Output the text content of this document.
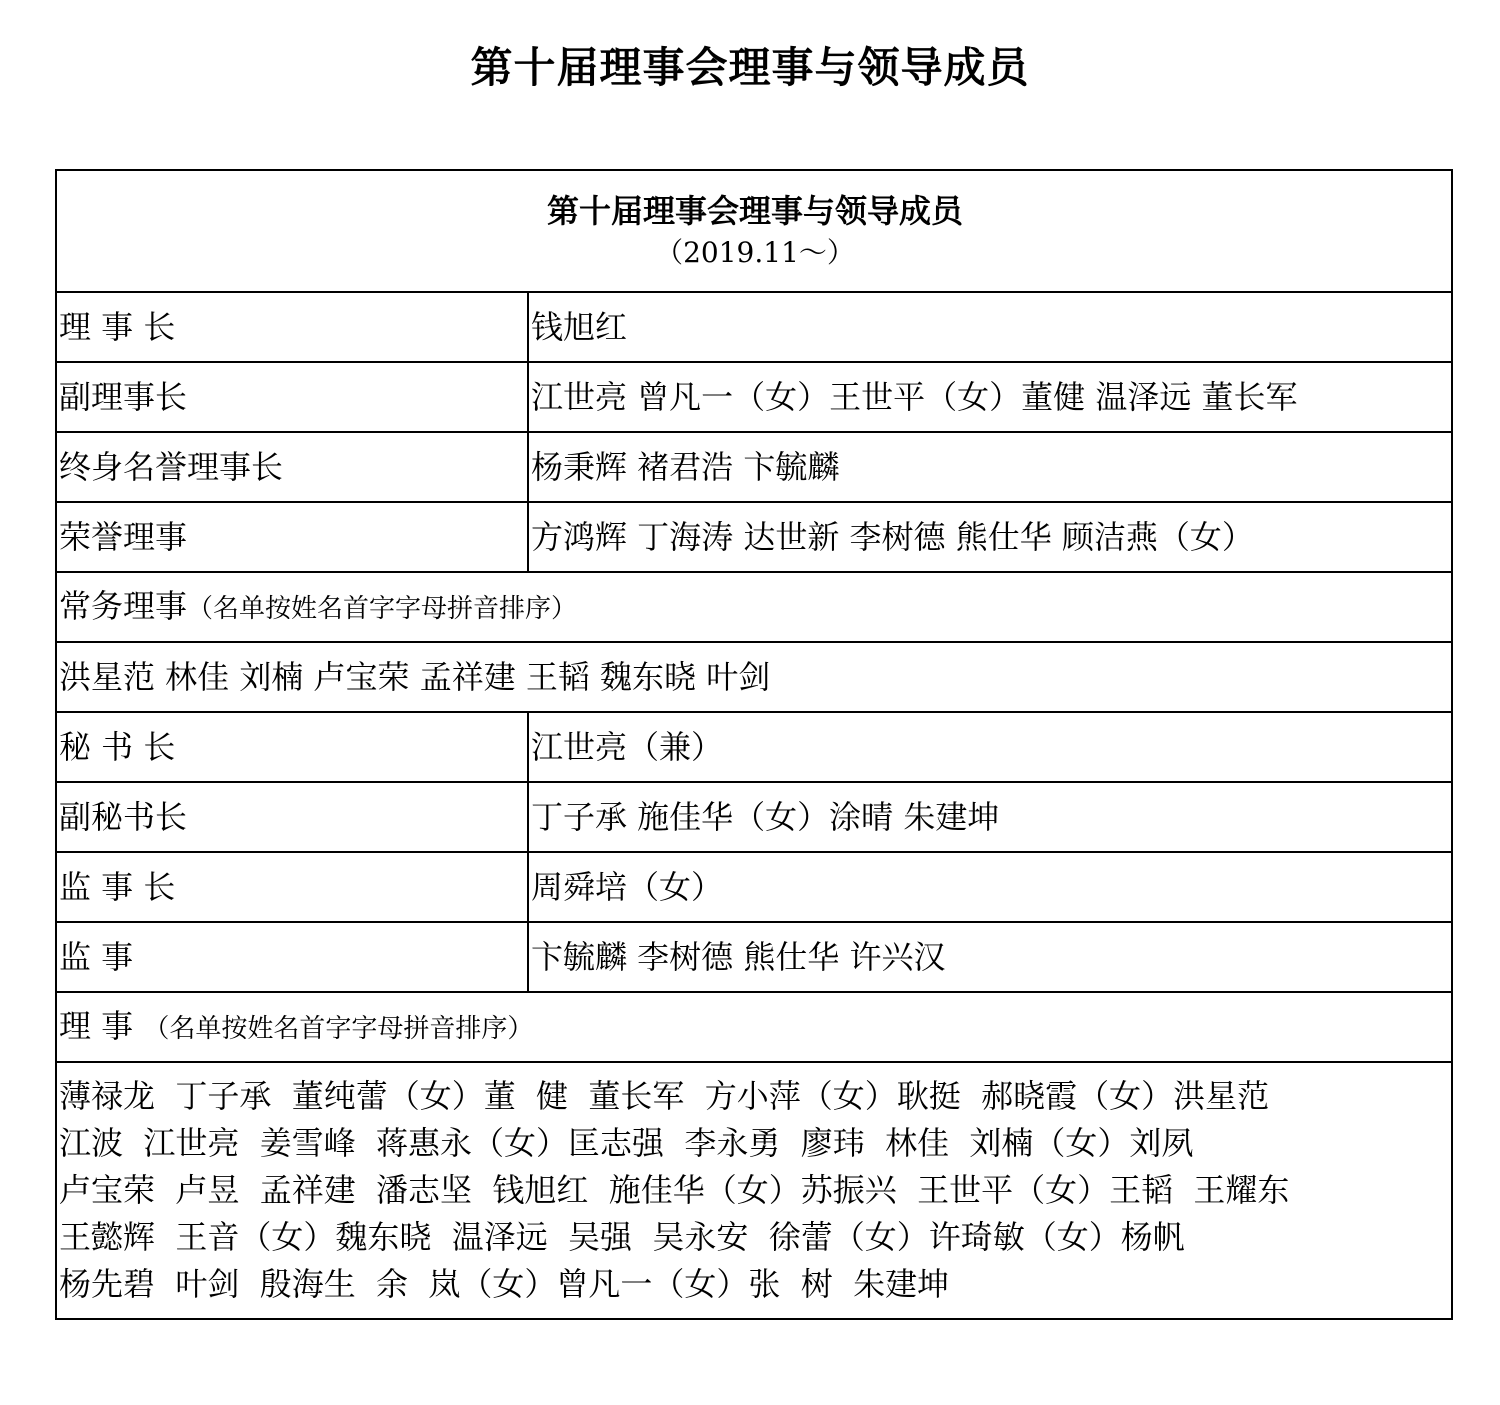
第十届理事会理事与领导成员
第十届理事会理事与领导成员
（2019.11～）	

理 事 长	钱旭红
副理事长	江世亮 曾凡一（女）王世平（女）董健 温泽远 董长军
终身名誉理事长	杨秉辉 褚君浩 卞毓麟
荣誉理事	方鸿辉 丁海涛 达世新 李树德 熊仕华 顾洁燕（女）
常务理事（名单按姓名首字字母拼音排序）	
洪星范 林佳 刘楠 卢宝荣 孟祥建 王韬 魏东晓 叶剑	
秘 书 长	江世亮（兼）
副秘书长	丁子承 施佳华（女）涂晴 朱建坤
监 事 长	周舜培（女）
监 事	卞毓麟 李树德 熊仕华 许兴汉
理 事 （名单按姓名首字字母拼音排序）	

薄禄龙  丁子承  董纯蕾（女）董  健  董长军  方小萍（女）耿挺  郝晓霞（女）洪星范
江波  江世亮  姜雪峰  蒋惠永（女）匡志强  李永勇  廖玮  林佳  刘楠（女）刘夙
卢宝荣  卢昱  孟祥建  潘志坚  钱旭红  施佳华（女）苏振兴  王世平（女）王韬  王耀东
王懿辉  王音（女）魏东晓  温泽远  吴强  吴永安  徐蕾（女）许琦敏（女）杨帆
杨先碧  叶剑  殷海生  余  岚（女）曾凡一（女）张  树  朱建坤	
